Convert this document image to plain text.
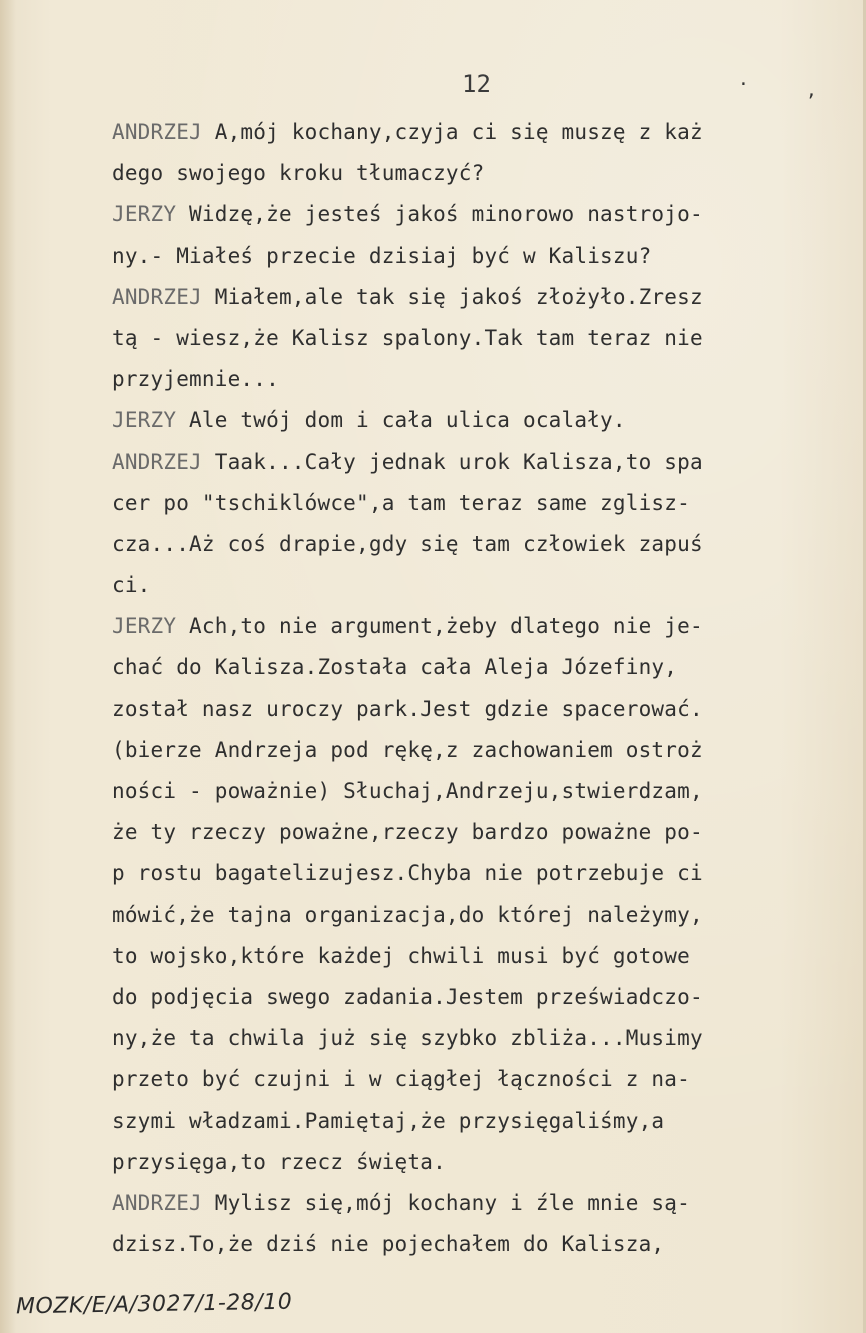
12	·	,
ANDRZEJ A,mój kochany,czyja ci się muszę z każ
dego swojego kroku tłumaczyć?
JERZY Widzę,że jesteś jakoś minorowo nastrojo-
ny.- Miałeś przecie dzisiaj być w Kaliszu?
ANDRZEJ Miałem,ale tak się jakoś złożyło.Zresz
tą - wiesz,że Kalisz spalony.Tak tam teraz nie
przyjemnie...
JERZY Ale twój dom i cała ulica ocalały.
ANDRZEJ Taak...Cały jednak urok Kalisza,to spa
cer po "tschiklówce",a tam teraz same zglisz-
cza...Aż coś drapie,gdy się tam człowiek zapuś
ci.
JERZY Ach,to nie argument,żeby dlatego nie je-
chać do Kalisza.Została cała Aleja Józefiny,
został nasz uroczy park.Jest gdzie spacerować.
(bierze Andrzeja pod rękę,z zachowaniem ostroż
ności - poważnie) Słuchaj,Andrzeju,stwierdzam,
że ty rzeczy poważne,rzeczy bardzo poważne po-
p rostu bagatelizujesz.Chyba nie potrzebuje ci
mówić,że tajna organizacja,do której należymy,
to wojsko,które każdej chwili musi być gotowe
do podjęcia swego zadania.Jestem przeświadczo-
ny,że ta chwila już się szybko zbliża...Musimy
przeto być czujni i w ciągłej łączności z na-
szymi władzami.Pamiętaj,że przysięgaliśmy,a
przysięga,to rzecz święta.
ANDRZEJ Mylisz się,mój kochany i źle mnie są-
dzisz.To,że dziś nie pojechałem do Kalisza,
MOZK/E/A/3027/1-28/10
